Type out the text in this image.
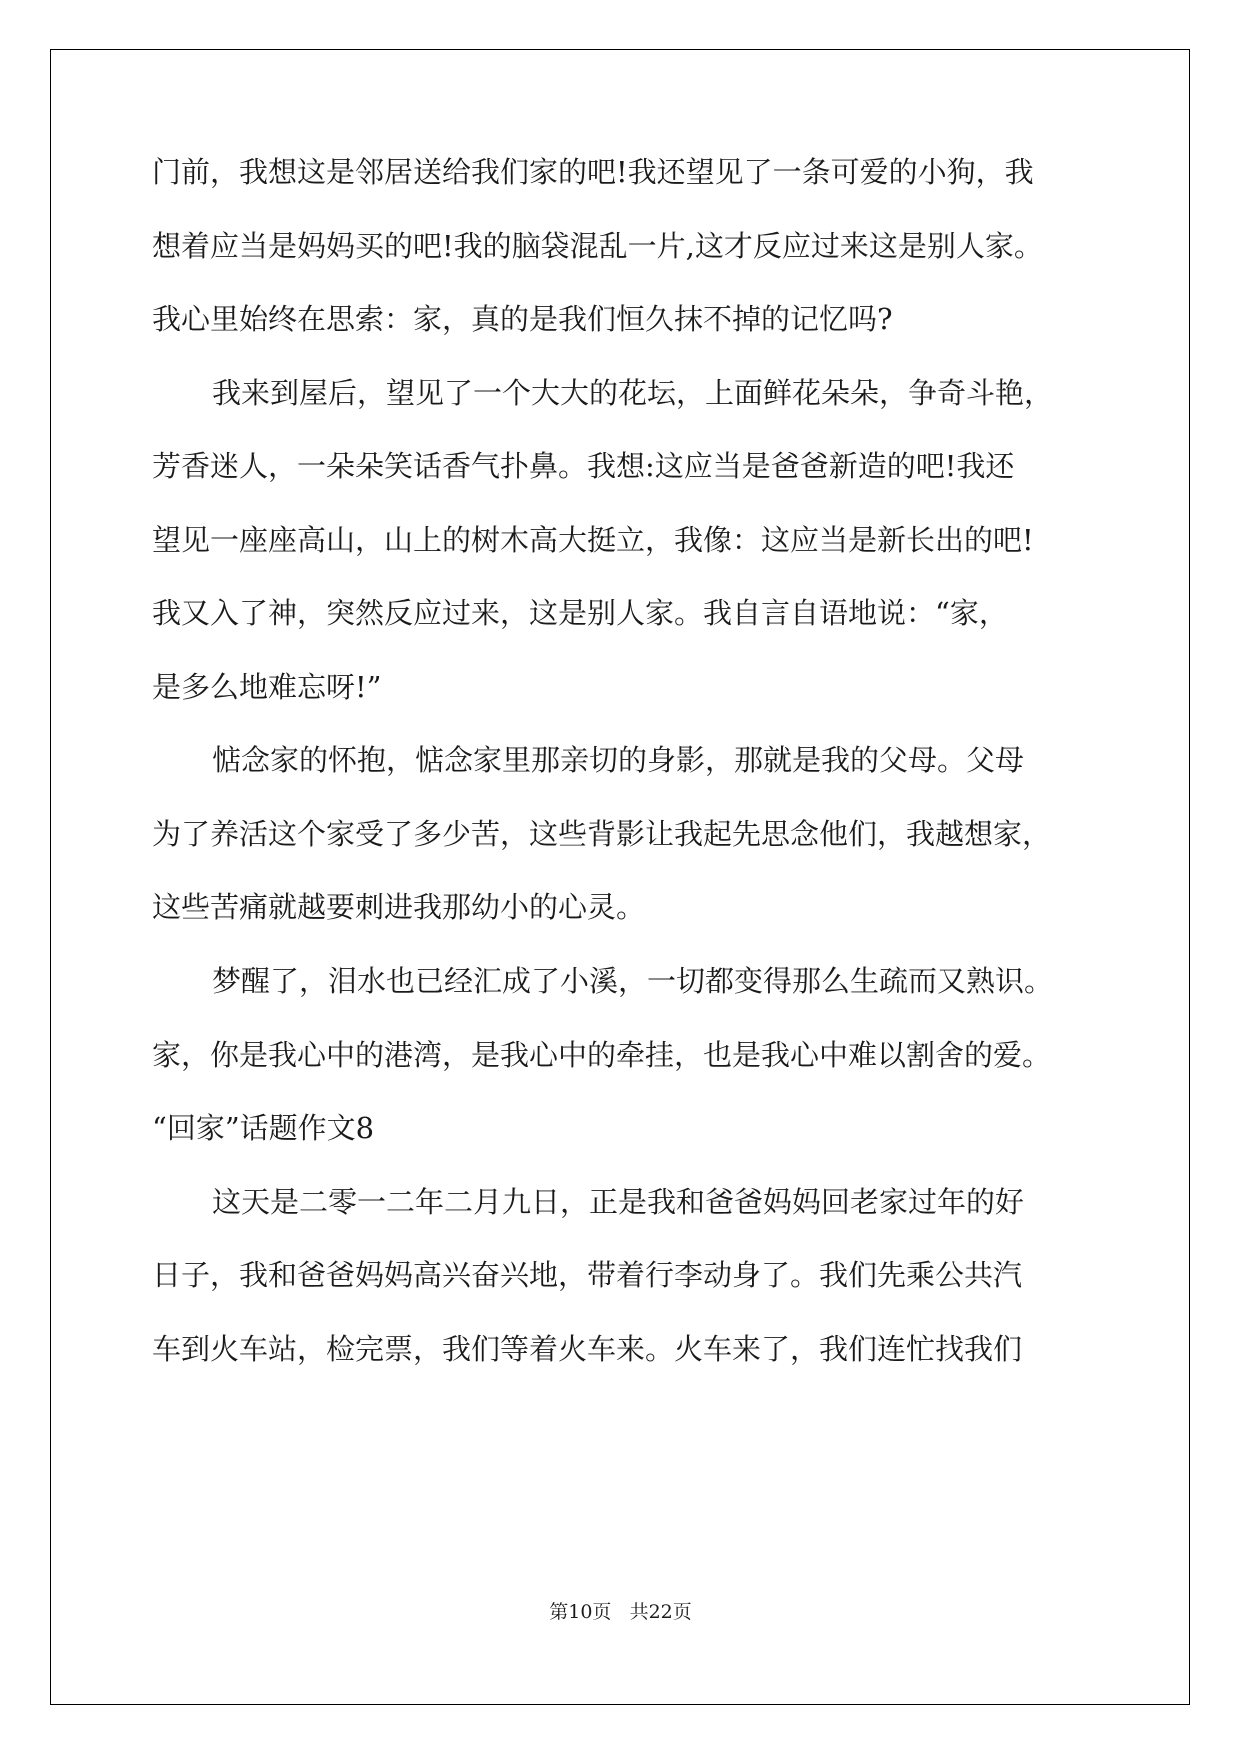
门前，我想这是邻居送给我们家的吧!我还望见了一条可爱的小狗，我
想着应当是妈妈买的吧!我的脑袋混乱一片,这才反应过来这是别人家。
我心里始终在思索：家，真的是我们恒久抹不掉的记忆吗?
我来到屋后，望见了一个大大的花坛，上面鲜花朵朵，争奇斗艳，
芳香迷人，一朵朵笑话香气扑鼻。我想:这应当是爸爸新造的吧!我还
望见一座座高山，山上的树木高大挺立，我像：这应当是新长出的吧!
我又入了神，突然反应过来，这是别人家。我自言自语地说：“家，
是多么地难忘呀!”
惦念家的怀抱，惦念家里那亲切的身影，那就是我的父母。父母
为了养活这个家受了多少苦，这些背影让我起先思念他们，我越想家，
这些苦痛就越要刺进我那幼小的心灵。
梦醒了，泪水也已经汇成了小溪，一切都变得那么生疏而又熟识。
家，你是我心中的港湾，是我心中的牵挂，也是我心中难以割舍的爱。
“回家”话题作文8
这天是二零一二年二月九日，正是我和爸爸妈妈回老家过年的好
日子，我和爸爸妈妈高兴奋兴地，带着行李动身了。我们先乘公共汽
车到火车站，检完票，我们等着火车来。火车来了，我们连忙找我们
第10页 共22页
